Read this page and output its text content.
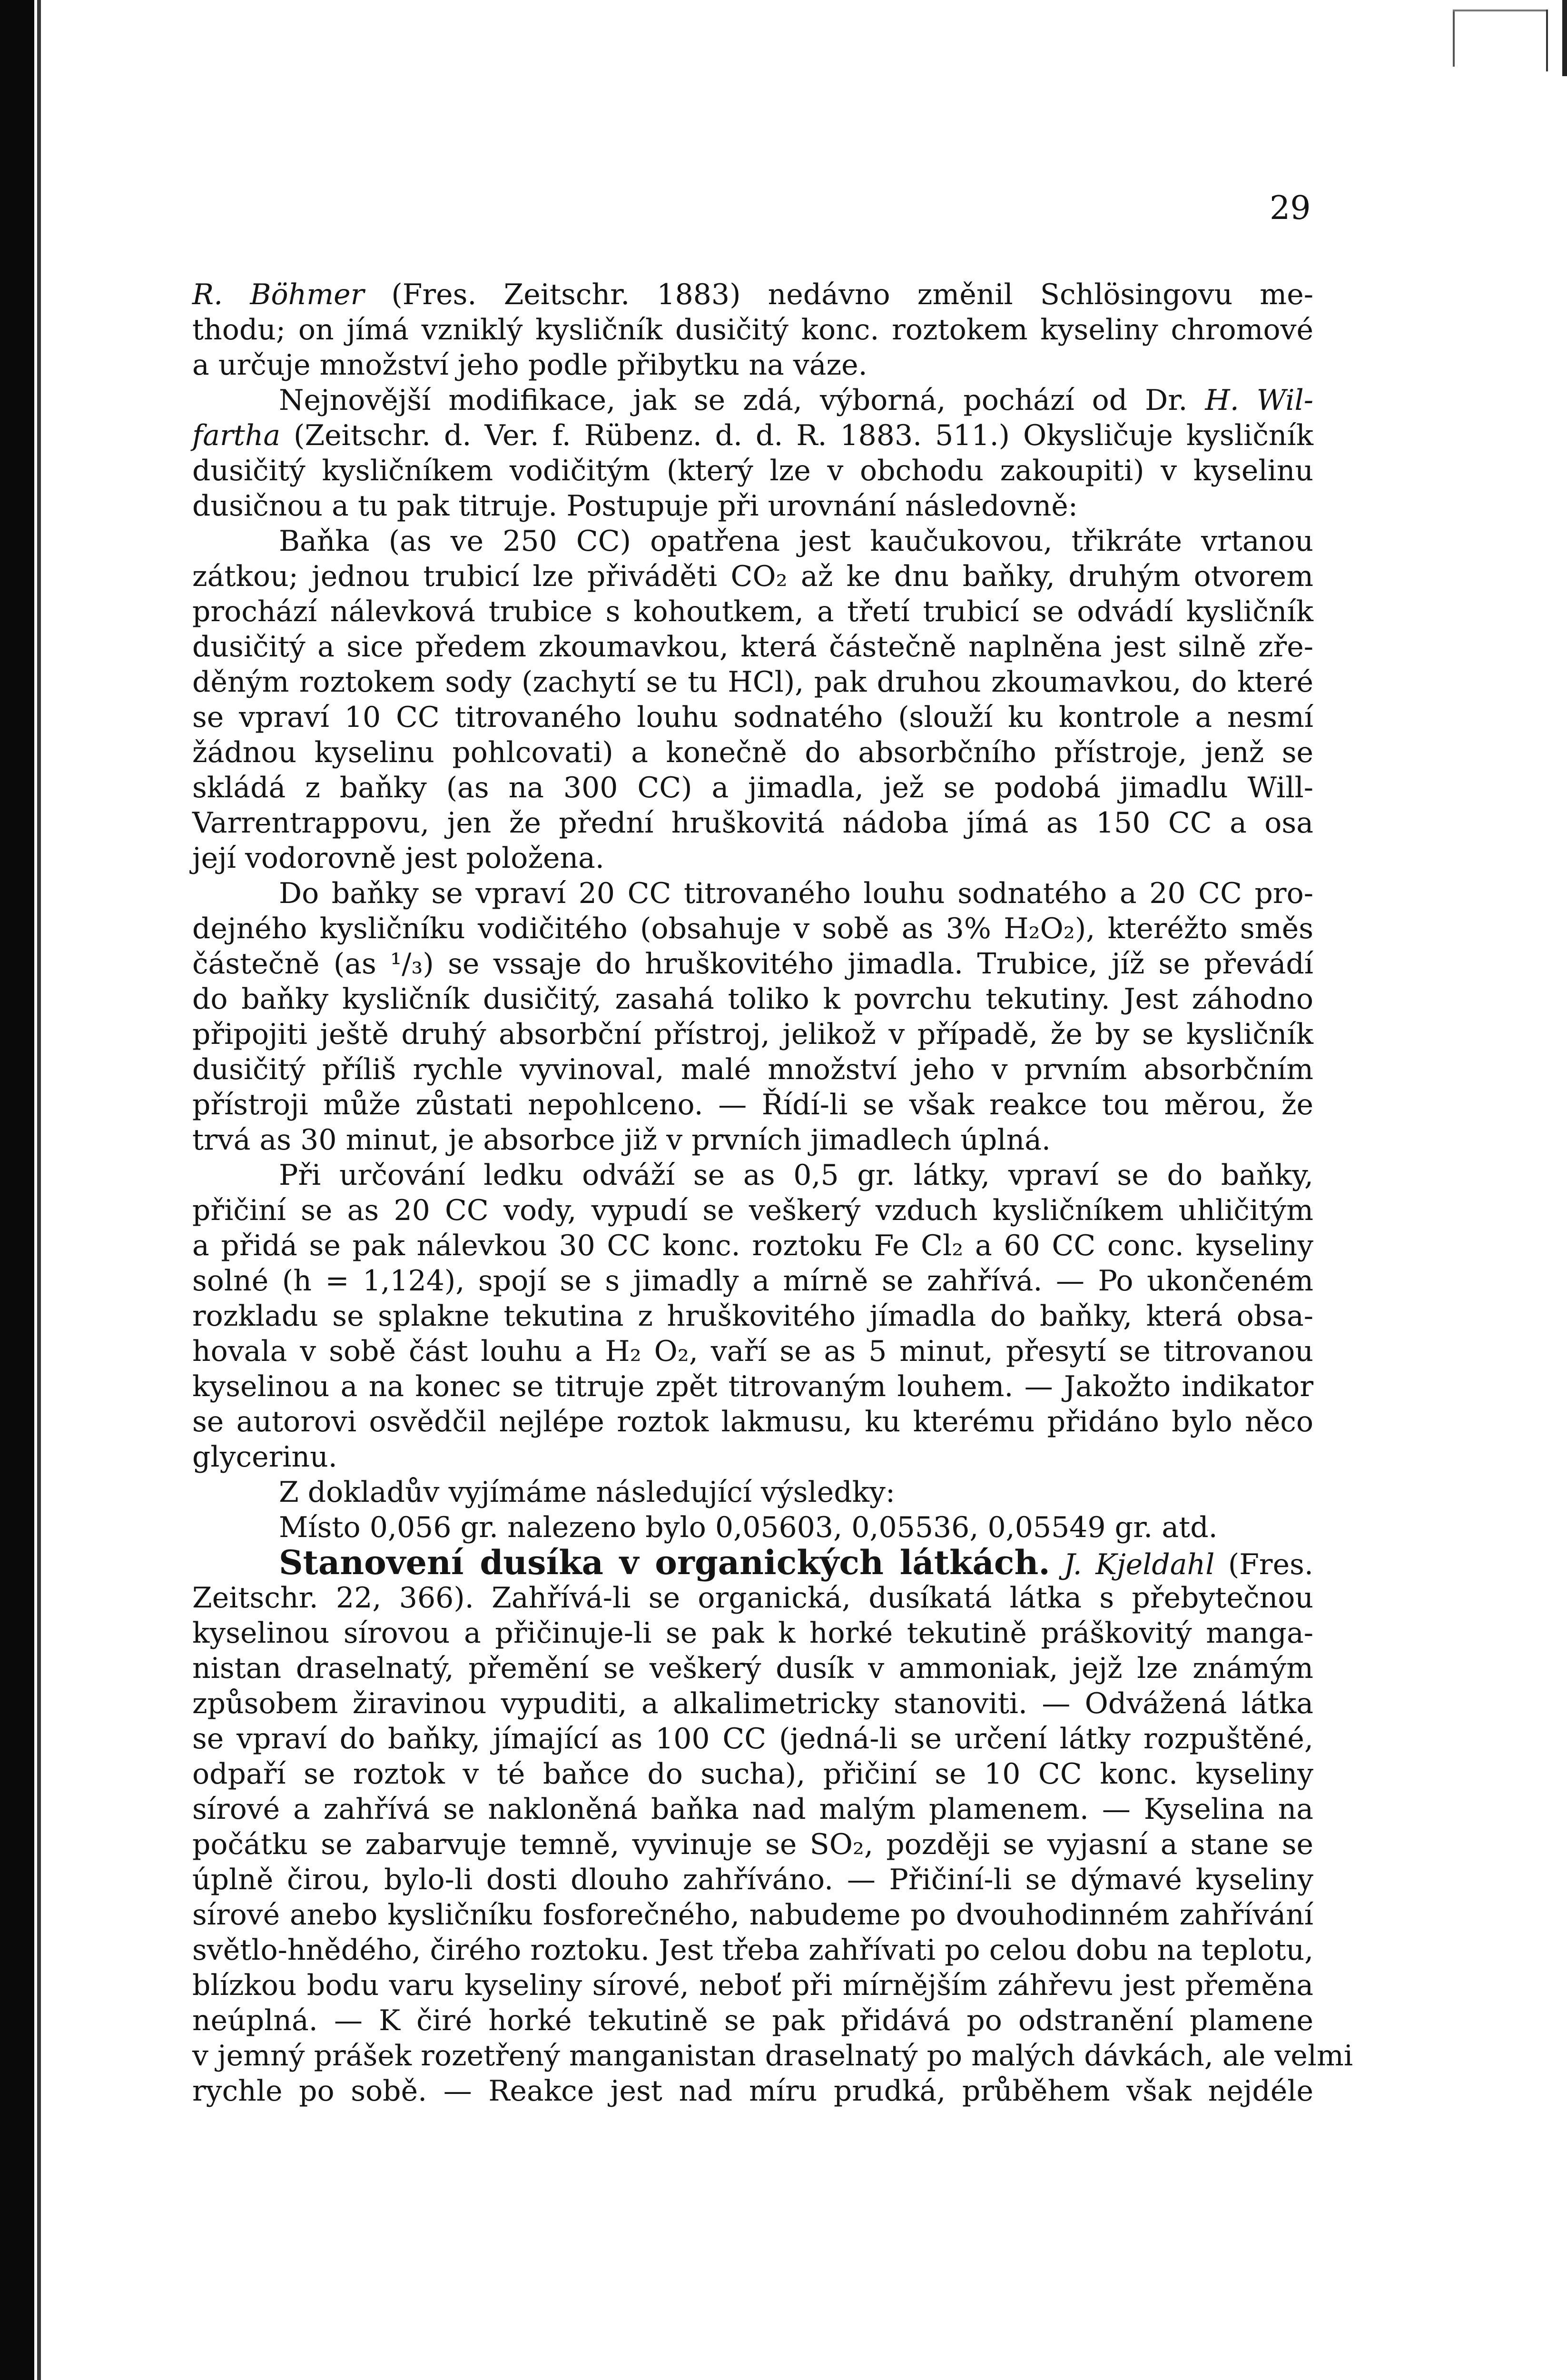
29
R. Böhmer (Fres. Zeitschr. 1883) nedávno změnil Schlösingovu me-
thodu; on jímá vzniklý kysličník dusičitý konc. roztokem kyseliny chromové
a určuje množství jeho podle přibytku na váze.
Nejnovější modifikace, jak se zdá, výborná, pochází od Dr. H. Wil-
fartha (Zeitschr. d. Ver. f. Rübenz. d. d. R. 1883. 511.) Okysličuje kysličník
dusičitý kysličníkem vodičitým (který lze v obchodu zakoupiti) v kyselinu
dusičnou a tu pak titruje. Postupuje při urovnání následovně:
Baňka (as ve 250 CC) opatřena jest kaučukovou, třikráte vrtanou
zátkou; jednou trubicí lze přiváděti CO₂ až ke dnu baňky, druhým otvorem
prochází nálevková trubice s kohoutkem, a třetí trubicí se odvádí kysličník
dusičitý a sice předem zkoumavkou, která částečně naplněna jest silně zře-
děným roztokem sody (zachytí se tu HCl), pak druhou zkoumavkou, do které
se vpraví 10 CC titrovaného louhu sodnatého (slouží ku kontrole a nesmí
žádnou kyselinu pohlcovati) a konečně do absorbčního přístroje, jenž se
skládá z baňky (as na 300 CC) a jimadla, jež se podobá jimadlu Will-
Varrentrappovu, jen že přední hruškovitá nádoba jímá as 150 CC a osa
její vodorovně jest položena.
Do baňky se vpraví 20 CC titrovaného louhu sodnatého a 20 CC pro-
dejného kysličníku vodičitého (obsahuje v sobě as 3% H₂O₂), kteréžto směs
částečně (as ¹/₃) se vssaje do hruškovitého jimadla. Trubice, jíž se převádí
do baňky kysličník dusičitý, zasahá toliko k povrchu tekutiny. Jest záhodno
připojiti ještě druhý absorbční přístroj, jelikož v případě, že by se kysličník
dusičitý příliš rychle vyvinoval, malé množství jeho v prvním absorbčním
přístroji může zůstati nepohlceno. — Řídí-li se však reakce tou měrou, že
trvá as 30 minut, je absorbce již v prvních jimadlech úplná.
Při určování ledku odváží se as 0,5 gr. látky, vpraví se do baňky,
přičiní se as 20 CC vody, vypudí se veškerý vzduch kysličníkem uhličitým
a přidá se pak nálevkou 30 CC konc. roztoku Fe Cl₂ a 60 CC conc. kyseliny
solné (h = 1,124), spojí se s jimadly a mírně se zahřívá. — Po ukončeném
rozkladu se splakne tekutina z hruškovitého jímadla do baňky, která obsa-
hovala v sobě část louhu a H₂ O₂, vaří se as 5 minut, přesytí se titrovanou
kyselinou a na konec se titruje zpět titrovaným louhem. — Jakožto indikator
se autorovi osvědčil nejlépe roztok lakmusu, ku kterému přidáno bylo něco
glycerinu.
Z dokladův vyjímáme následující výsledky:
Místo 0,056 gr. nalezeno bylo 0,05603, 0,05536, 0,05549 gr. atd.
Stanovení dusíka v organických látkách. J. Kjeldahl (Fres.
Zeitschr. 22, 366). Zahřívá-li se organická, dusíkatá látka s přebytečnou
kyselinou sírovou a přičinuje-li se pak k horké tekutině práškovitý manga-
nistan draselnatý, přemění se veškerý dusík v ammoniak, jejž lze známým
způsobem žiravinou vypuditi, a alkalimetricky stanoviti. — Odvážená látka
se vpraví do baňky, jímající as 100 CC (jedná-li se určení látky rozpuštěné,
odpaří se roztok v té baňce do sucha), přičiní se 10 CC konc. kyseliny
sírové a zahřívá se nakloněná baňka nad malým plamenem. — Kyselina na
počátku se zabarvuje temně, vyvinuje se SO₂, později se vyjasní a stane se
úplně čirou, bylo-li dosti dlouho zahříváno. — Přičiní-li se dýmavé kyseliny
sírové anebo kysličníku fosforečného, nabudeme po dvouhodinném zahřívání
světlo-hnědého, čirého roztoku. Jest třeba zahřívati po celou dobu na teplotu,
blízkou bodu varu kyseliny sírové, neboť při mírnějším záhřevu jest přeměna
neúplná. — K čiré horké tekutině se pak přidává po odstranění plamene
v jemný prášek rozetřený manganistan draselnatý po malých dávkách, ale velmi
rychle po sobě. — Reakce jest nad míru prudká, průběhem však nejdéle
